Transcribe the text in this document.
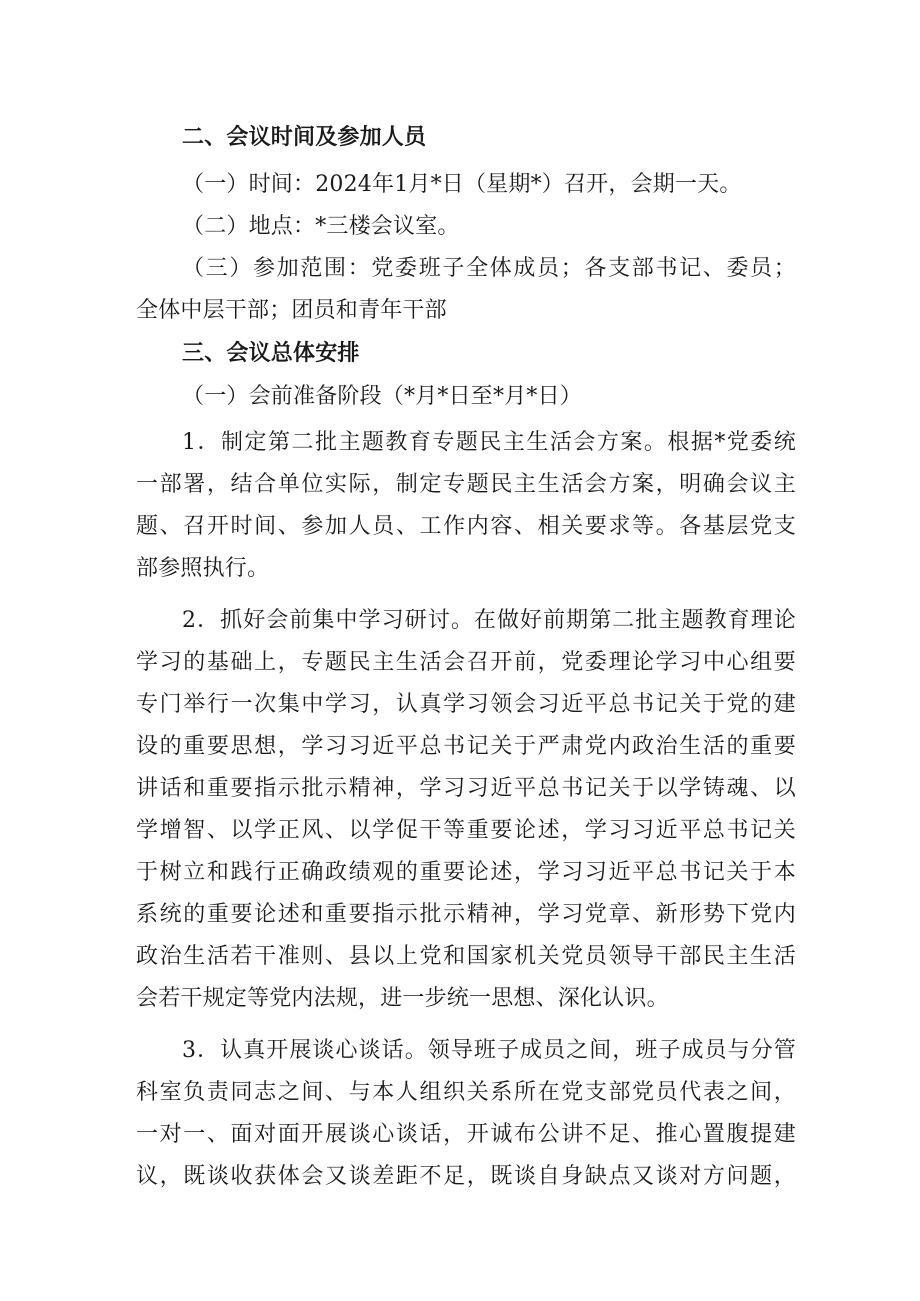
二、会议时间及参加人员
（一）时间：2024年1月*日（星期*）召开，会期一天。
（二）地点：*三楼会议室。
（三）参加范围：党委班子全体成员；各支部书记、委员；
全体中层干部；团员和青年干部
三、会议总体安排
（一）会前准备阶段（*月*日至*月*日）
1．制定第二批主题教育专题民主生活会方案。根据*党委统
一部署，结合单位实际，制定专题民主生活会方案，明确会议主
题、召开时间、参加人员、工作内容、相关要求等。各基层党支
部参照执行。
2．抓好会前集中学习研讨。在做好前期第二批主题教育理论
学习的基础上，专题民主生活会召开前，党委理论学习中心组要
专门举行一次集中学习，认真学习领会习近平总书记关于党的建
设的重要思想，学习习近平总书记关于严肃党内政治生活的重要
讲话和重要指示批示精神，学习习近平总书记关于以学铸魂、以
学增智、以学正风、以学促干等重要论述，学习习近平总书记关
于树立和践行正确政绩观的重要论述，学习习近平总书记关于本
系统的重要论述和重要指示批示精神，学习党章、新形势下党内
政治生活若干准则、县以上党和国家机关党员领导干部民主生活
会若干规定等党内法规，进一步统一思想、深化认识。
3．认真开展谈心谈话。领导班子成员之间，班子成员与分管
科室负责同志之间、与本人组织关系所在党支部党员代表之间，
一对一、面对面开展谈心谈话，开诚布公讲不足、推心置腹提建
议，既谈收获体会又谈差距不足，既谈自身缺点又谈对方问题，
